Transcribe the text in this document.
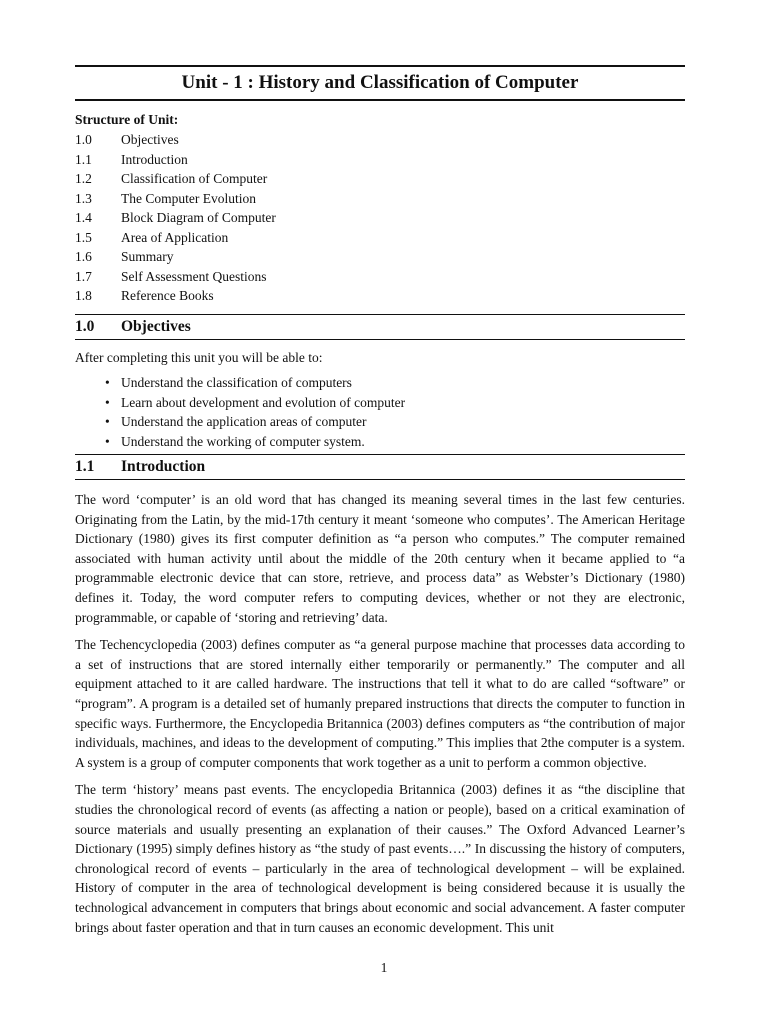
Unit - 1 : History and Classification of Computer
Structure of Unit:
1.0	Objectives
1.1	Introduction
1.2	Classification of Computer
1.3	The Computer Evolution
1.4	Block Diagram of Computer
1.5	Area of Application
1.6	Summary
1.7	Self Assessment Questions
1.8	Reference Books
1.0	Objectives

After completing this unit you will be able to:

• Understand the classification of computers
• Learn about development and evolution of computer
• Understand the application areas of computer
• Understand the working of computer system.
1.1	Introduction

The word ‘computer’ is an old word that has changed its meaning several times in the last few centuries. Originating from the Latin, by the mid-17th century it meant ‘someone who computes’. The American Heritage Dictionary (1980) gives its first computer definition as “a person who computes.” The computer remained associated with human activity until about the middle of the 20th century when it became applied to “a programmable electronic device that can store, retrieve, and process data” as Webster’s Dictionary (1980) defines it. Today, the word computer refers to computing devices, whether or not they are electronic, programmable, or capable of ‘storing and retrieving’ data.

The Techencyclopedia (2003) defines computer as “a general purpose machine that processes data according to a set of instructions that are stored internally either temporarily or permanently.” The computer and all equipment attached to it are called hardware. The instructions that tell it what to do are called “software” or “program”. A program is a detailed set of humanly prepared instructions that directs the computer to function in specific ways. Furthermore, the Encyclopedia Britannica (2003) defines computers as “the contribution of major individuals, machines, and ideas to the development of computing.” This implies that 2the computer is a system. A system is a group of computer components that work together as a unit to perform a common objective.

The term ‘history’ means past events. The encyclopedia Britannica (2003) defines it as “the discipline that studies the chronological record of events (as affecting a nation or people), based on a critical examination of source materials and usually presenting an explanation of their causes.” The Oxford Advanced Learner’s Dictionary (1995) simply defines history as “the study of past events….” In discussing the history of computers, chronological record of events – particularly in the area of technological development – will be explained. History of computer in the area of technological development is being considered because it is usually the technological advancement in computers that brings about economic and social advancement. A faster computer brings about faster operation and that in turn causes an economic development. This unit

1
